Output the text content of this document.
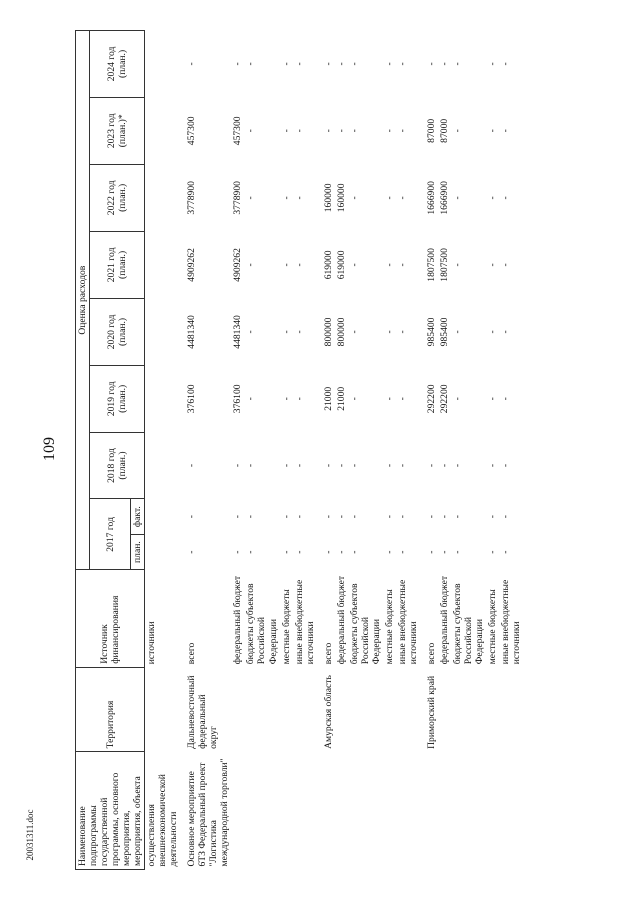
109
20031311.doc	Наименование подпрограммы государственной программы, основного мероприятия, мероприятия, объекта	Территория	Источник финансирования	Оценка расходов								
			2017 год		2018 год (план.)	2019 год (план.)	2020 год (план.)	2021 год (план.)	2022 год (план.)	2023 год (план.)*	2024 год (план.)
			план.	факт.							
осуществления внешнеэкономической деятельности		источники									
Основное мероприятие 6ТЗ Федеральный проект "Логистика международной торговли"	Дальневосточный федеральный округ	всего	-	-	-	376100	4481340	4909262	3778900	457300	-
		федеральный бюджет	-	-	-	376100	4481340	4909262	3778900	457300	-
		бюджеты субъектов Российской Федерации	-	-	-	-	-	-	-	-	-
		местные бюджеты	-	-	-	-	-	-	-	-	-
		иные внебюджетные источники	-	-	-	-	-	-	-	-	-
	Амурская область	всего	-	-	-	21000	800000	619000	160000	-	-
		федеральный бюджет	-	-	-	21000	800000	619000	160000	-	-
		бюджеты субъектов Российской Федерации	-	-	-	-	-	-	-	-	-
		местные бюджеты	-	-	-	-	-	-	-	-	-
		иные внебюджетные источники	-	-	-	-	-	-	-	-	-
	Приморский край	всего	-	-	-	292200	985400	1807500	1666900	87000	-
		федеральный бюджет	-	-	-	292200	985400	1807500	1666900	87000	-
		бюджеты субъектов Российской Федерации	-	-	-	-	-	-	-	-	-
		местные бюджеты	-	-	-	-	-	-	-	-	-
		иные внебюджетные источники	-	-	-	-	-	-	-	-	-
